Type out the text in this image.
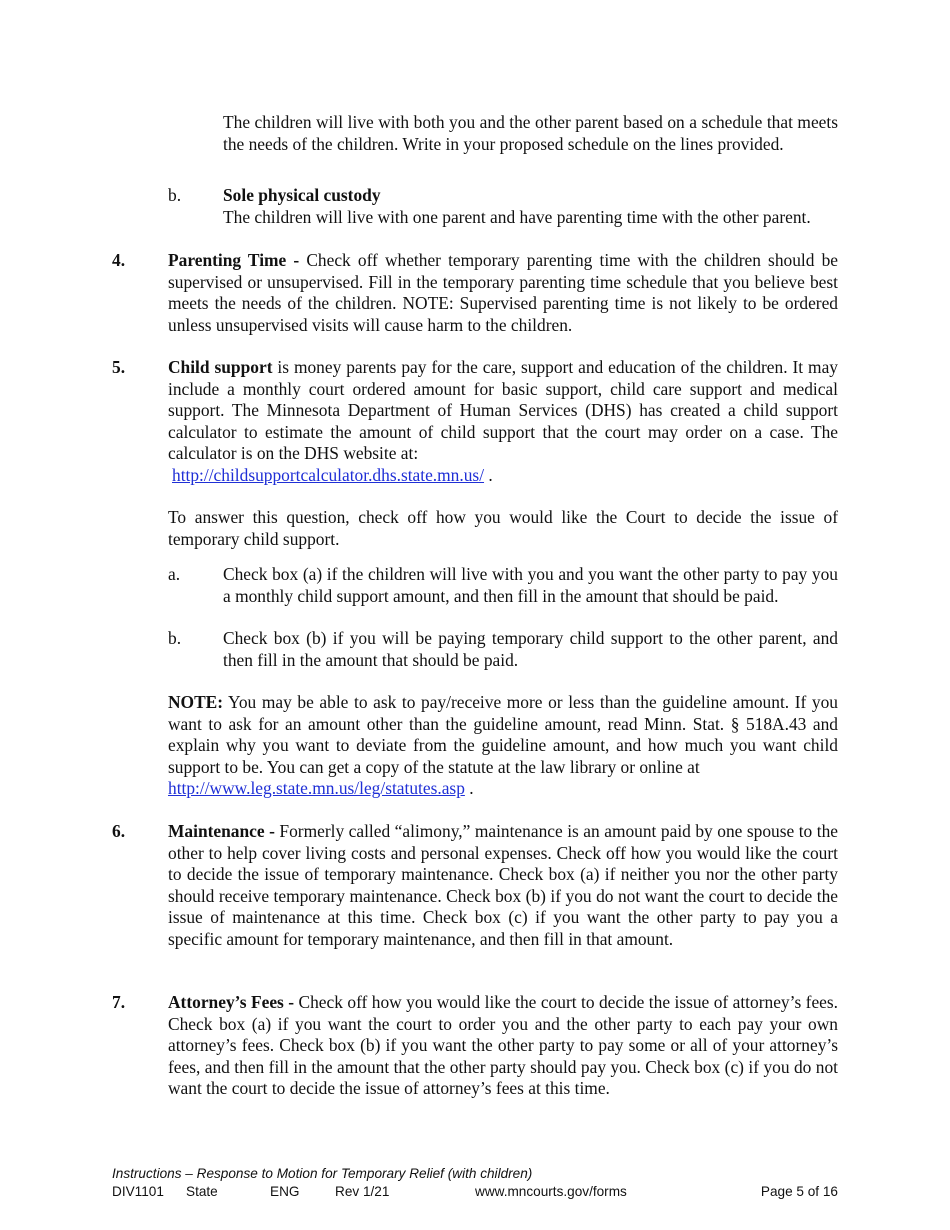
The children will live with both you and the other parent based on a schedule that meets the needs of the children. Write in your proposed schedule on the lines provided.

b. Sole physical custody

The children will live with one parent and have parenting time with the other parent.

4. Parenting Time - Check off whether temporary parenting time with the children should be supervised or unsupervised. Fill in the temporary parenting time schedule that you believe best meets the needs of the children. NOTE: Supervised parenting time is not likely to be ordered unless unsupervised visits will cause harm to the children.

5. Child support is money parents pay for the care, support and education of the children. It may include a monthly court ordered amount for basic support, child care support and medical support. The Minnesota Department of Human Services (DHS) has created a child support calculator to estimate the amount of child support that the court may order on a case. The calculator is on the DHS website at:

http://childsupportcalculator.dhs.state.mn.us/ .

To answer this question, check off how you would like the Court to decide the issue of temporary child support.

a. Check box (a) if the children will live with you and you want the other party to pay you a monthly child support amount, and then fill in the amount that should be paid.

b. Check box (b) if you will be paying temporary child support to the other parent, and then fill in the amount that should be paid.

NOTE: You may be able to ask to pay/receive more or less than the guideline amount. If you want to ask for an amount other than the guideline amount, read Minn. Stat. § 518A.43 and explain why you want to deviate from the guideline amount, and how much you want child support to be. You can get a copy of the statute at the law library or online at

http://www.leg.state.mn.us/leg/statutes.asp .

6. Maintenance - Formerly called “alimony,” maintenance is an amount paid by one spouse to the other to help cover living costs and personal expenses. Check off how you would like the court to decide the issue of temporary maintenance. Check box (a) if neither you nor the other party should receive temporary maintenance. Check box (b) if you do not want the court to decide the issue of maintenance at this time. Check box (c) if you want the other party to pay you a specific amount for temporary maintenance, and then fill in that amount.

7. Attorney’s Fees - Check off how you would like the court to decide the issue of attorney’s fees. Check box (a) if you want the court to order you and the other party to each pay your own attorney’s fees. Check box (b) if you want the other party to pay some or all of your attorney’s fees, and then fill in the amount that the other party should pay you. Check box (c) if you do not want the court to decide the issue of attorney’s fees at this time.

Instructions – Response to Motion for Temporary Relief (with children)
DIV1101 State	ENG	Rev 1/21	www.mncourts.gov/forms	Page 5 of 16
